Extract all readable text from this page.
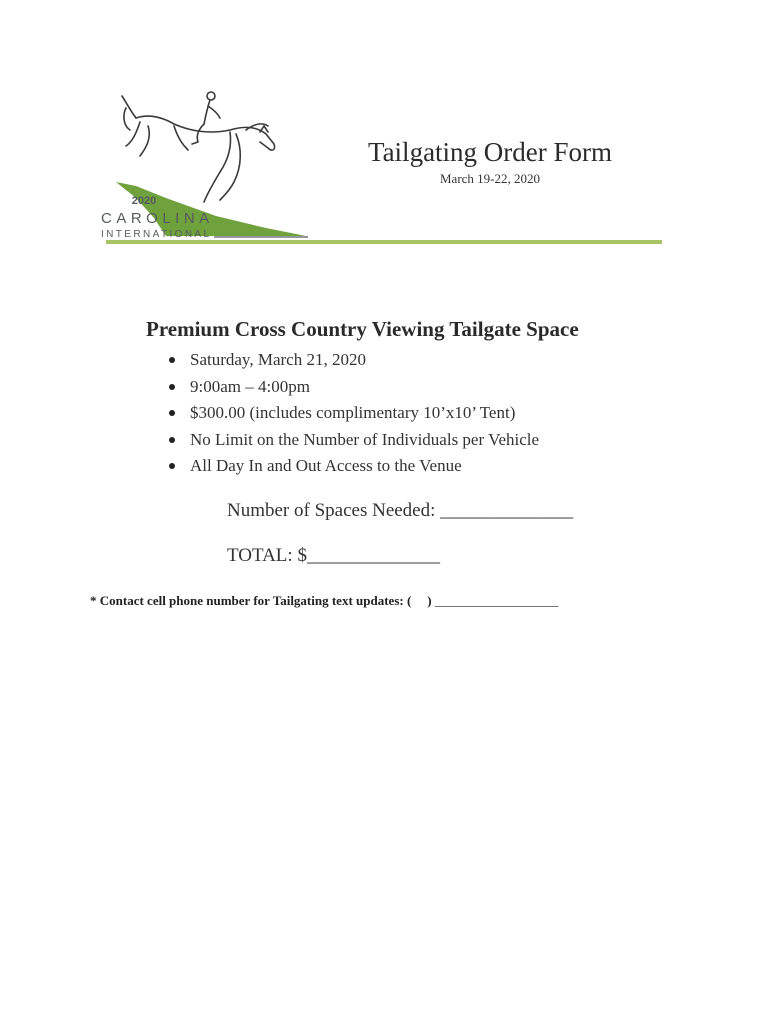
2020
CAROLINA
INTERNATIONAL
Tailgating Order Form
March 19-22, 2020
Premium Cross Country Viewing Tailgate Space
Saturday, March 21, 2020
9:00am – 4:00pm
$300.00 (includes complimentary 10’x10’ Tent)
No Limit on the Number of Individuals per Vehicle
All Day In and Out Access to the Venue
Number of Spaces Needed: ______________
TOTAL: $______________
* Contact cell phone number for Tailgating text updates: ( ) ___________________
